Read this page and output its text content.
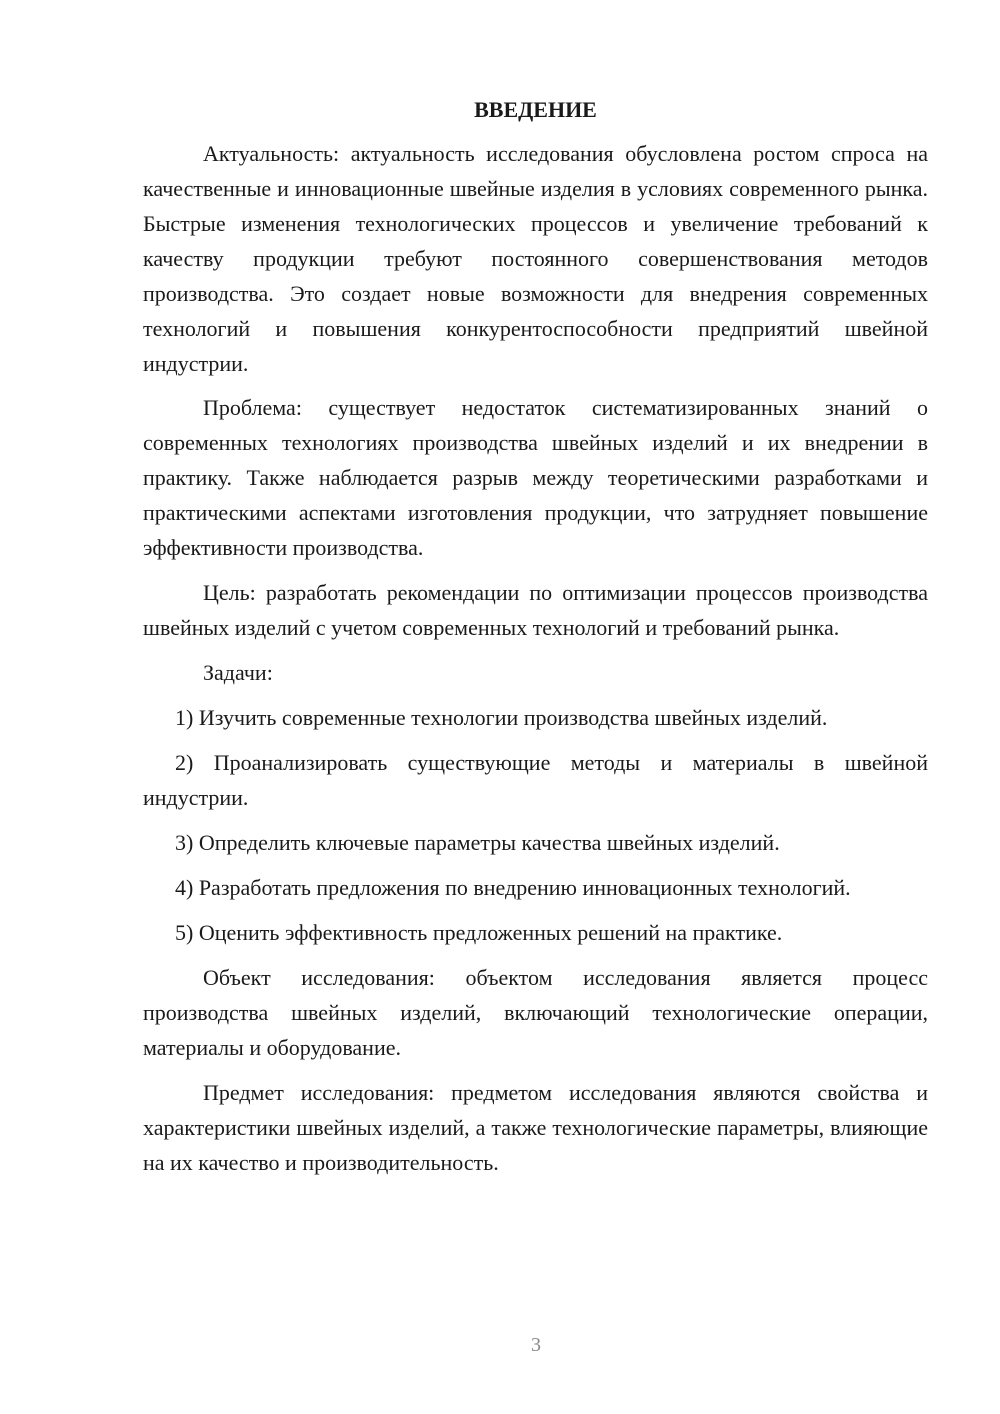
ВВЕДЕНИЕ

Актуальность: актуальность исследования обусловлена ростом спроса на качественные и инновационные швейные изделия в условиях современного рынка. Быстрые изменения технологических процессов и увеличение требований к качеству продукции требуют постоянного совершенствования методов производства. Это создает новые возможности для внедрения современных технологий и повышения конкурентоспособности предприятий швейной индустрии.

Проблема: существует недостаток систематизированных знаний о современных технологиях производства швейных изделий и их внедрении в практику. Также наблюдается разрыв между теоретическими разработками и практическими аспектами изготовления продукции, что затрудняет повышение эффективности производства.

Цель: разработать рекомендации по оптимизации процессов производства швейных изделий с учетом современных технологий и требований рынка.

Задачи:

1) Изучить современные технологии производства швейных изделий.

2) Проанализировать существующие методы и материалы в швейной индустрии.

3) Определить ключевые параметры качества швейных изделий.

4) Разработать предложения по внедрению инновационных технологий.

5) Оценить эффективность предложенных решений на практике.

Объект исследования: объектом исследования является процесс производства швейных изделий, включающий технологические операции, материалы и оборудование.

Предмет исследования: предметом исследования являются свойства и характеристики швейных изделий, а также технологические параметры, влияющие на их качество и производительность.

3
